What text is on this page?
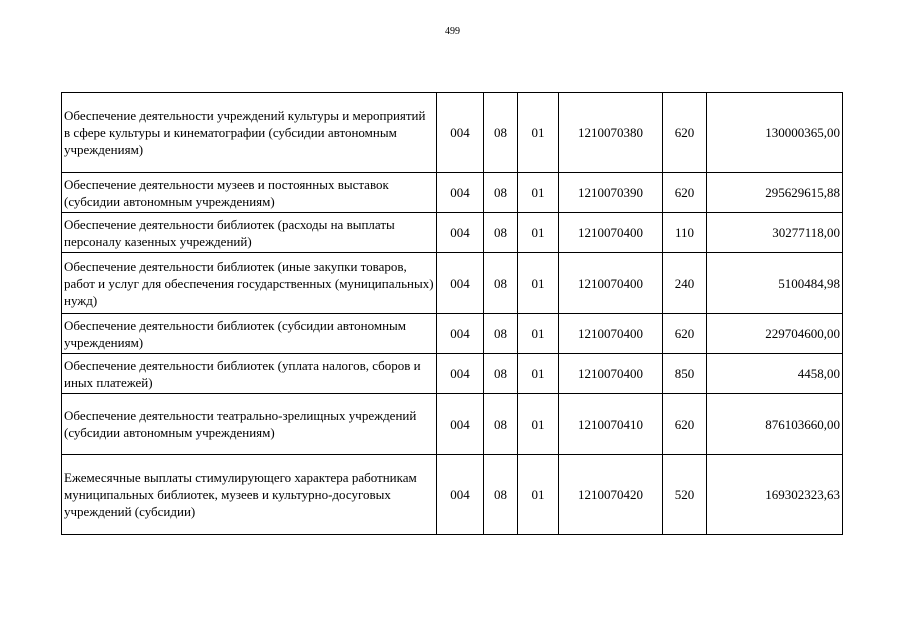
499
Обеспечение деятельности учреждений культуры и мероприятий в сфере культуры и кинематографии (субсидии автономным учреждениям)	004	08	01	1210070380	620	130000365,00
Обеспечение деятельности музеев и постоянных выставок (субсидии автономным учреждениям)	004	08	01	1210070390	620	295629615,88
Обеспечение деятельности библиотек (расходы на выплаты персоналу казенных учреждений)	004	08	01	1210070400	110	30277118,00
Обеспечение деятельности библиотек (иные закупки товаров, работ и услуг для обеспечения государственных (муниципальных) нужд)	004	08	01	1210070400	240	5100484,98
Обеспечение деятельности библиотек (субсидии автономным учреждениям)	004	08	01	1210070400	620	229704600,00
Обеспечение деятельности библиотек (уплата налогов, сборов и иных платежей)	004	08	01	1210070400	850	4458,00
Обеспечение деятельности театрально-зрелищных учреждений (субсидии автономным учреждениям)	004	08	01	1210070410	620	876103660,00
Ежемесячные выплаты стимулирующего характера работникам муниципальных библиотек, музеев и культурно-досуговых учреждений (субсидии)	004	08	01	1210070420	520	169302323,63
